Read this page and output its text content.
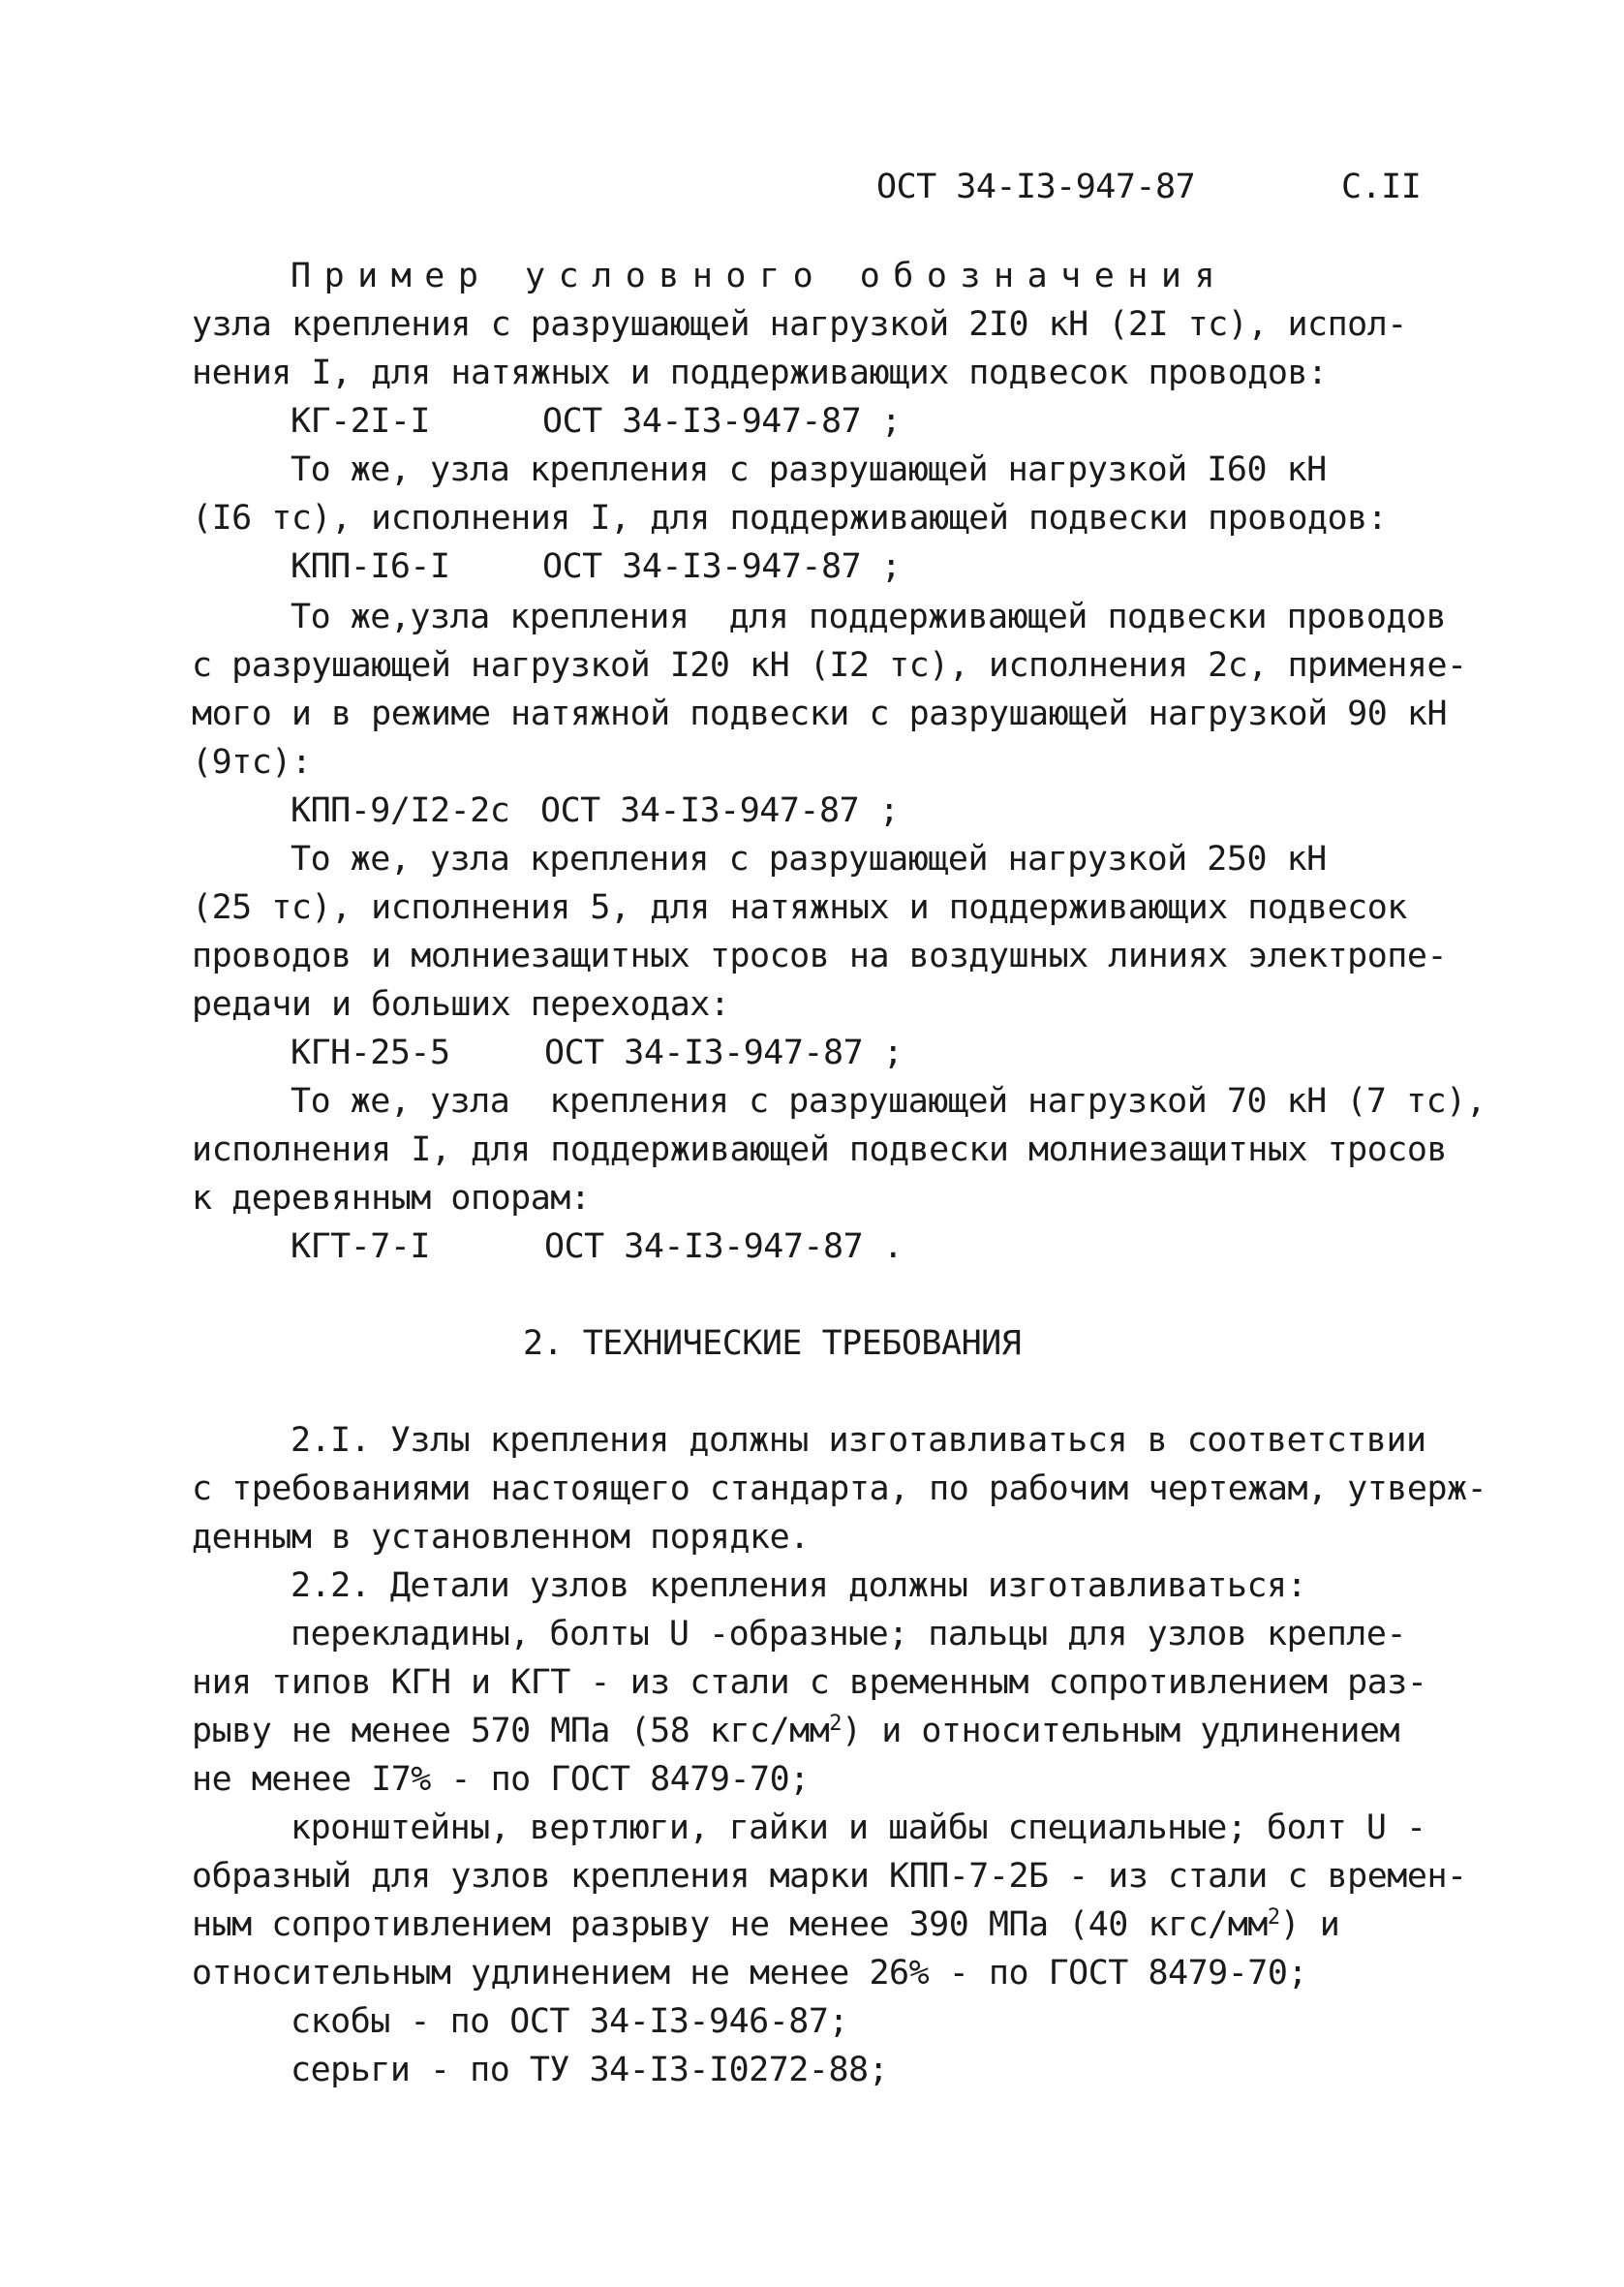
ОСТ 34-I3-947-87	С.II
Пример условного обозначения
узла крепления с разрушающей нагрузкой 2I0 кН (2I тс), испол-
нения I, для натяжных и поддерживающих подвесок проводов:
КГ-2I-I	ОСТ 34-I3-947-87 ;
То же, узла крепления с разрушающей нагрузкой I60 кН
(I6 тс), исполнения I, для поддерживающей подвески проводов:
КПП-I6-I	ОСТ 34-I3-947-87 ;
То же,узла крепления  для поддерживающей подвески проводов
с разрушающей нагрузкой I20 кН (I2 тс), исполнения 2с, применяе-
мого и в режиме натяжной подвески с разрушающей нагрузкой 90 кН
(9тс):
КПП-9/I2-2с ОСТ 34-I3-947-87 ;
То же, узла крепления с разрушающей нагрузкой 250 кН
(25 тс), исполнения 5, для натяжных и поддерживающих подвесок
проводов и молниезащитных тросов на воздушных линиях электропе-
редачи и больших переходах:
КГН-25-5	ОСТ 34-I3-947-87 ;
То же, узла  крепления с разрушающей нагрузкой 70 кН (7 тс),
исполнения I, для поддерживающей подвески молниезащитных тросов
к деревянным опорам:
КГТ-7-I	ОСТ 34-I3-947-87 .
2. ТЕХНИЧЕСКИЕ ТРЕБОВАНИЯ
2.I. Узлы крепления должны изготавливаться в соответствии
с требованиями настоящего стандарта, по рабочим чертежам, утверж-
денным в установленном порядке.
2.2. Детали узлов крепления должны изготавливаться:
перекладины, болты U -образные; пальцы для узлов крепле-
ния типов КГН и КГТ - из стали с временным сопротивлением раз-
рыву не менее 570 МПа (58 кгс/$мм^2$) и относительным удлинением
не менее I7% - по ГОСТ 8479-70;
кронштейны, вертлюги, гайки и шайбы специальные; болт U -
образный для узлов крепления марки КПП-7-2Б - из стали с времен-
ным сопротивлением разрыву не менее 390 МПа (40 кгс/$мм^2$) и
относительным удлинением не менее 26% - по ГОСТ 8479-70;
скобы - по ОСТ 34-I3-946-87;
серьги - по ТУ 34-I3-I0272-88;
